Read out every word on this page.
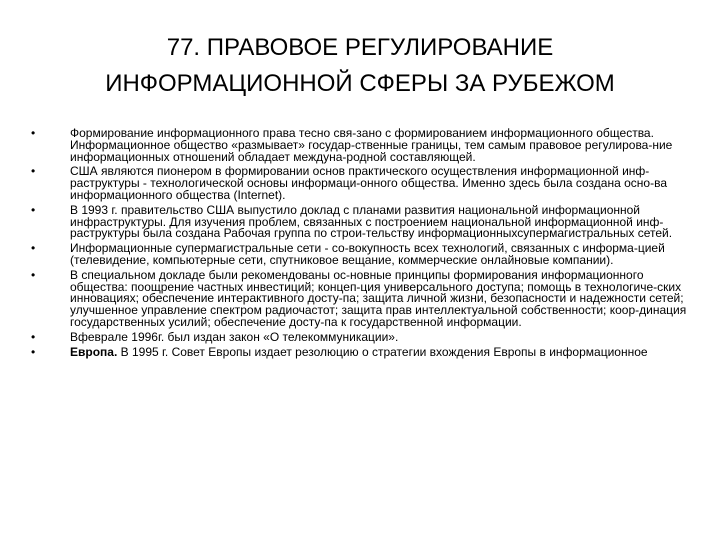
77. ПРАВОВОЕ РЕГУЛИРОВАНИЕ
ИНФОРМАЦИОННОЙ СФЕРЫ ЗА РУБЕЖОМ
•	Формирование информационного права тесно свя-зано с формированием информационного общества. Информационное общество «размывает» государ-ственные границы, тем самым правовое регулирова-ние информационных отношений обладает междуна-родной составляющей.
•	США являются пионером в формировании основ практического осуществления информационной инф-раструктуры - технологической основы информаци-онного общества. Именно здесь была создана осно-ва информационного общества (Internet).
•	В 1993 г. правительство США выпустило доклад с планами развития национальной информационной инфраструктуры. Для изучения проблем, связанных с построением национальной информационной инф-раструктуры была создана Рабочая группа по строи-тельству информационныхсупермагистральных сетей.
•	Информационные супермагистральные сети - со-вокупность всех технологий, связанных с информа-цией (телевидение, компьютерные сети, спутниковое вещание, коммерческие онлайновые компании).
•	В специальном докладе были рекомендованы ос-новные принципы формирования информационного общества: поощрение частных инвестиций; концеп-ция универсального доступа; помощь в технологиче-ских инновациях; обеспечение интерактивного досту-па; защита личной жизни, безопасности и надежности сетей; улучшенное управление спектром радиочастот; защита прав интеллектуальной собственности; коор-динация государственных усилий; обеспечение досту-па к государственной информации.
•	Вфеврале 1996г. был издан закон «О телекоммуникации».
•	Европа. В 1995 г. Совет Европы издает резолюцию о стратегии вхождения Европы в информационное
